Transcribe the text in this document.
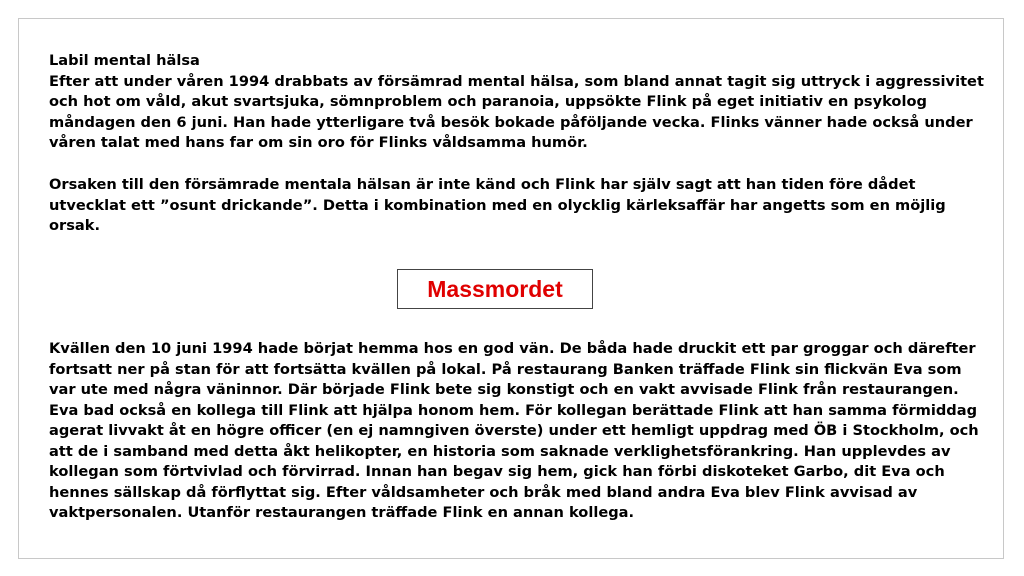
Labil mental hälsa

Efter att under våren 1994 drabbats av försämrad mental hälsa, som bland annat tagit sig uttryck i aggressivitet och hot om våld, akut svartsjuka, sömnproblem och paranoia, uppsökte Flink på eget initiativ en psykolog måndagen den 6 juni. Han hade ytterligare två besök bokade påföljande vecka. Flinks vänner hade också under våren talat med hans far om sin oro för Flinks våldsamma humör.

Orsaken till den försämrade mentala hälsan är inte känd och Flink har själv sagt att han tiden före dådet utvecklat ett ”osunt drickande”. Detta i kombination med en olycklig kärleksaffär har angetts som en möjlig orsak.

Massmordet

Kvällen den 10 juni 1994 hade börjat hemma hos en god vän. De båda hade druckit ett par groggar och därefter fortsatt ner på stan för att fortsätta kvällen på lokal. På restaurang Banken träffade Flink sin flickvän Eva som var ute med några väninnor. Där började Flink bete sig konstigt och en vakt avvisade Flink från restaurangen. Eva bad också en kollega till Flink att hjälpa honom hem. För kollegan berättade Flink att han samma förmiddag agerat livvakt åt en högre officer (en ej namngiven överste) under ett hemligt uppdrag med ÖB i Stockholm, och att de i samband med detta åkt helikopter, en historia som saknade verklighetsförankring. Han upplevdes av kollegan som förtvivlad och förvirrad. Innan han begav sig hem, gick han förbi diskoteket Garbo, dit Eva och hennes sällskap då förflyttat sig. Efter våldsamheter och bråk med bland andra Eva blev Flink avvisad av vaktpersonalen. Utanför restaurangen träffade Flink en annan kollega.
